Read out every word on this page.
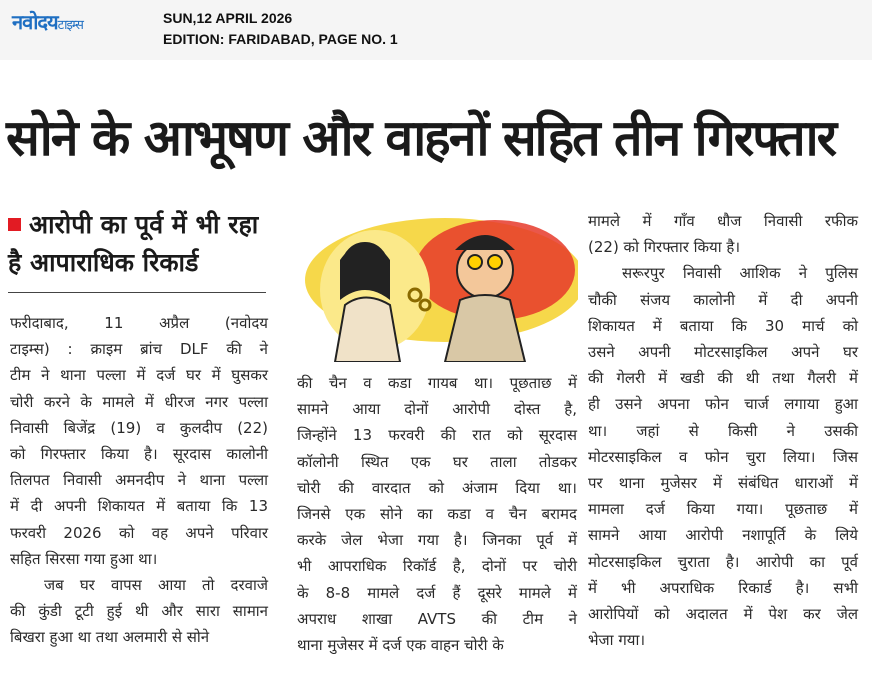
नवोदयटाइम्स	SUN,12 APRIL 2026
EDITION: FARIDABAD, PAGE NO. 1
सोने के आभूषण और वाहनों सहित तीन गिरफ्तार
आरोपी का पूर्व में भी रहा
है आपाराधिक रिकार्ड
फरीदाबाद, 11 अप्रैल (नवोदय
टाइम्स) : क्राइम ब्रांच DLF की ने
टीम ने थाना पल्ला में दर्ज घर में घुसकर
चोरी करने के मामले में धीरज नगर पल्ला
निवासी बिजेंद्र (19) व कुलदीप (22)
को गिरफ्तार किया है। सूरदास कालोनी
तिलपत निवासी अमनदीप ने थाना पल्ला
में दी अपनी शिकायत में बताया कि 13
फरवरी 2026 को वह अपने परिवार
सहित सिरसा गया हुआ था।
जब घर वापस आया तो दरवाजे
की कुंडी टूटी हुई थी और सारा सामान
बिखरा हुआ था तथा अलमारी से सोने
की चैन व कडा गायब था। पूछताछ में
सामने आया दोनों आरोपी दोस्त है,
जिन्होंने 13 फरवरी की रात को सूरदास
कॉलोनी स्थित एक घर ताला तोडकर
चोरी की वारदात को अंजाम दिया था।
जिनसे एक सोने का कडा व चैन बरामद
करके जेल भेजा गया है। जिनका पूर्व में
भी आपराधिक रिकॉर्ड है, दोनों पर चोरी
के 8-8 मामले दर्ज हैं दूसरे मामले में
अपराध शाखा AVTS की टीम ने
थाना मुजेसर में दर्ज एक वाहन चोरी के
मामले में गाँव धौज निवासी रफीक
(22) को गिरफ्तार किया है।
सरूरपुर निवासी आशिक ने पुलिस
चौकी संजय कालोनी में दी अपनी
शिकायत में बताया कि 30 मार्च को
उसने अपनी मोटरसाइकिल अपने घर
की गेलरी में खडी की थी तथा गैलरी में
ही उसने अपना फोन चार्ज लगाया हुआ
था। जहां से किसी ने उसकी
मोटरसाइकिल व फोन चुरा लिया। जिस
पर थाना मुजेसर में संबंधित धाराओं में
मामला दर्ज किया गया। पूछताछ में
सामने आया आरोपी नशापूर्ति के लिये
मोटरसाइकिल चुराता है। आरोपी का पूर्व
में भी अपराधिक रिकार्ड है। सभी
आरोपियों को अदालत में पेश कर जेल
भेजा गया।
